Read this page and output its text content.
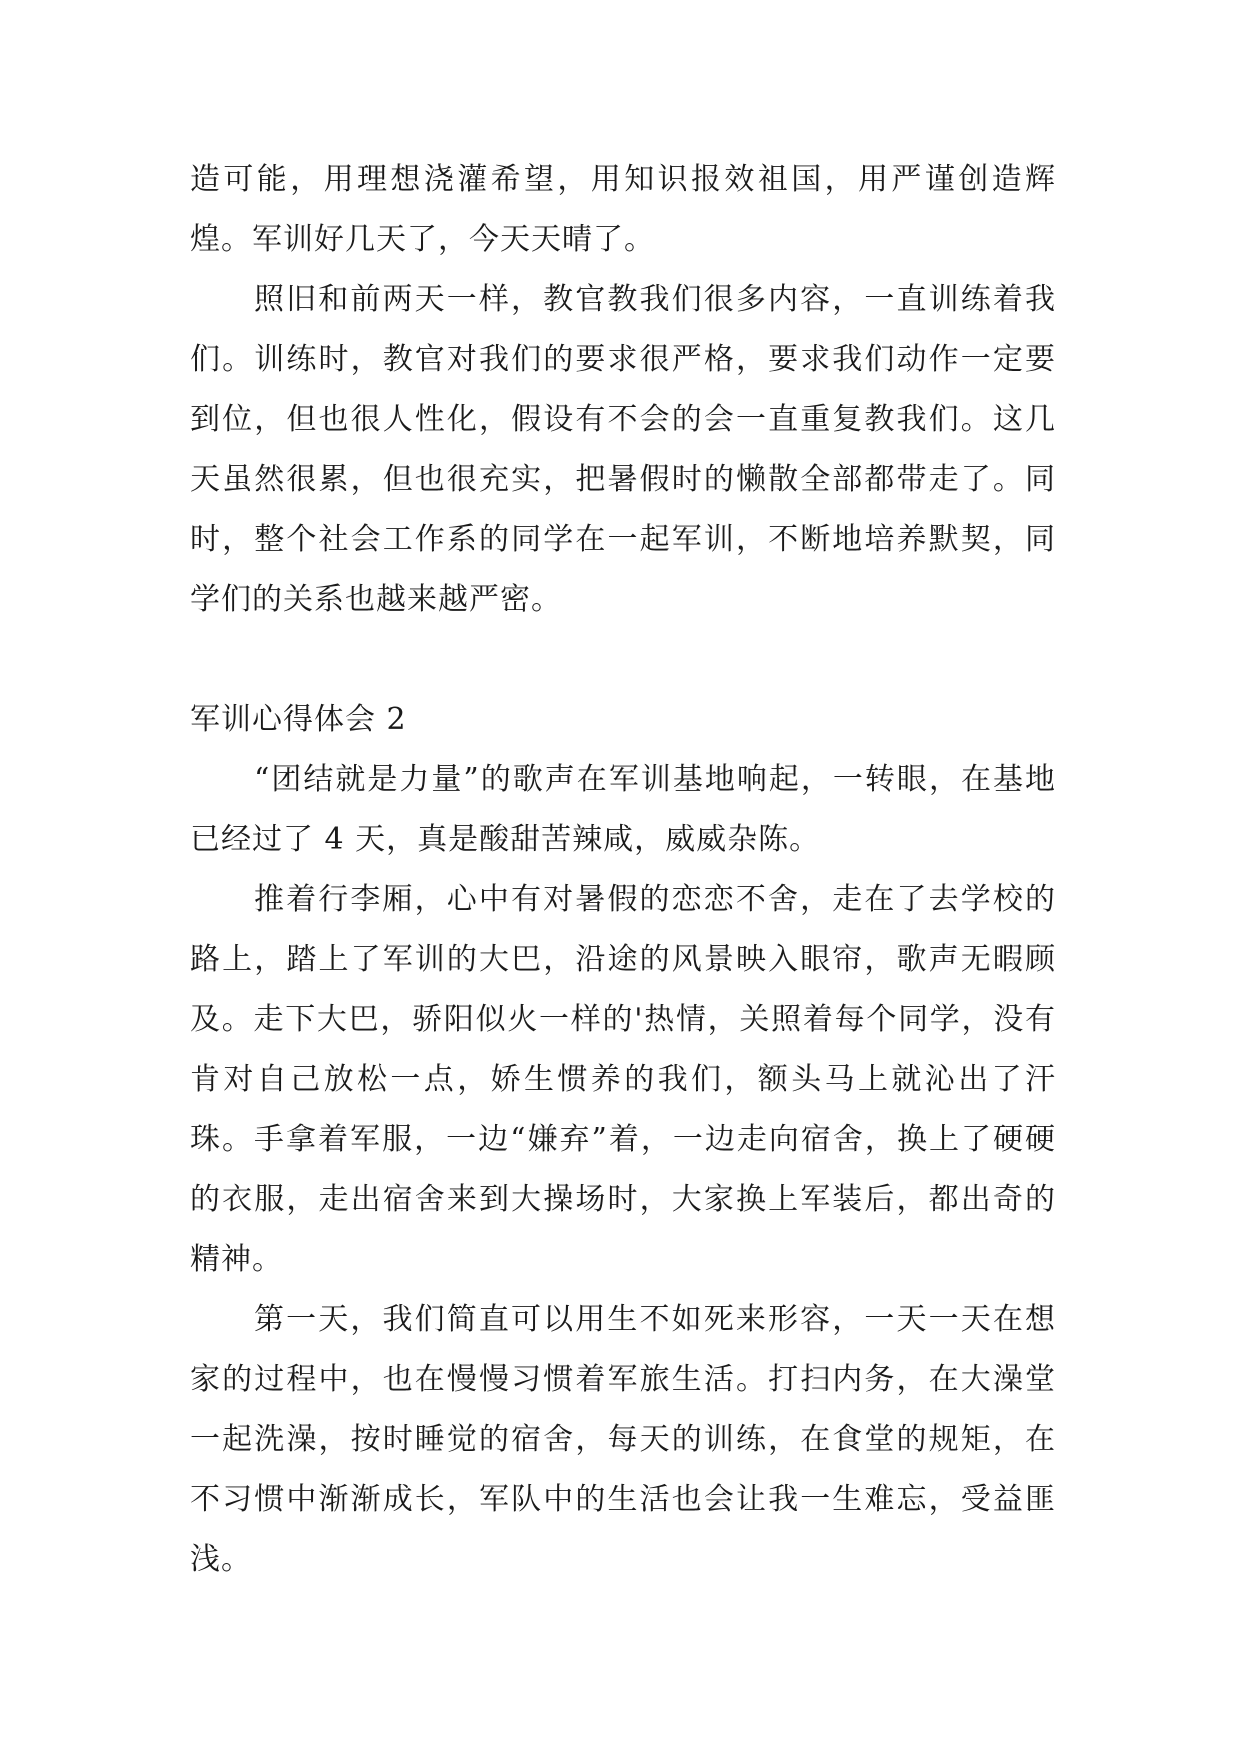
造可能，用理想浇灌希望，用知识报效祖国，用严谨创造辉煌。军训好几天了，今天天晴了。

照旧和前两天一样，教官教我们很多内容，一直训练着我们。训练时，教官对我们的要求很严格，要求我们动作一定要到位，但也很人性化，假设有不会的会一直重复教我们。这几天虽然很累，但也很充实，把暑假时的懒散全部都带走了。同时，整个社会工作系的同学在一起军训，不断地培养默契，同学们的关系也越来越严密。

军训心得体会 2

“团结就是力量”的歌声在军训基地响起，一转眼，在基地已经过了 4 天，真是酸甜苦辣咸，威威杂陈。

推着行李厢，心中有对暑假的恋恋不舍，走在了去学校的路上，踏上了军训的大巴，沿途的风景映入眼帘，歌声无暇顾及。走下大巴，骄阳似火一样的'热情，关照着每个同学，没有肯对自己放松一点，娇生惯养的我们，额头马上就沁出了汗珠。手拿着军服，一边“嫌弃”着，一边走向宿舍，换上了硬硬的衣服，走出宿舍来到大操场时，大家换上军装后，都出奇的精神。

第一天，我们简直可以用生不如死来形容，一天一天在想家的过程中，也在慢慢习惯着军旅生活。打扫内务，在大澡堂一起洗澡，按时睡觉的宿舍，每天的训练，在食堂的规矩，在不习惯中渐渐成长，军队中的生活也会让我一生难忘，受益匪浅。
